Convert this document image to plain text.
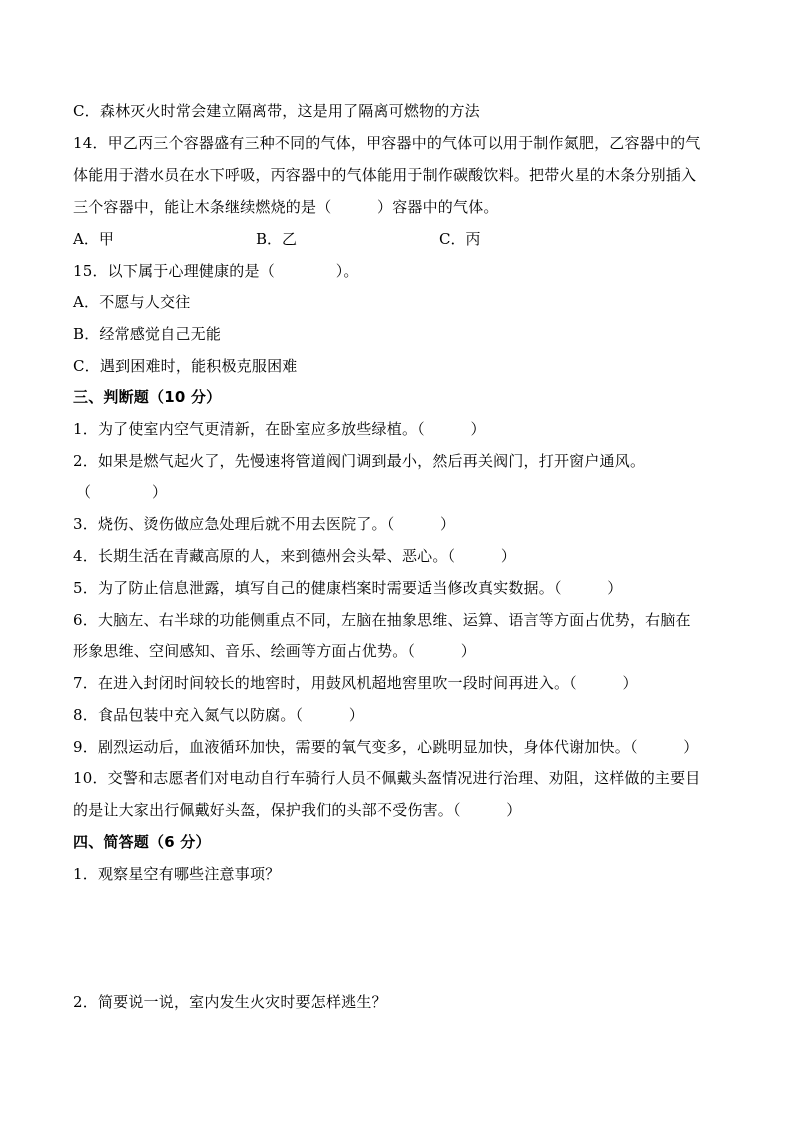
C．森林灭火时常会建立隔离带，这是用了隔离可燃物的方法
14．甲乙丙三个容器盛有三种不同的气体，甲容器中的气体可以用于制作氮肥，乙容器中的气
体能用于潜水员在水下呼吸，丙容器中的气体能用于制作碳酸饮料。把带火星的木条分别插入
三个容器中，能让木条继续燃烧的是（　　　）容器中的气体。
A．甲	B．乙	C．丙
15．以下属于心理健康的是（　　　　）。
A．不愿与人交往
B．经常感觉自己无能
C．遇到困难时，能积极克服困难
三、判断题（10 分）
1．为了使室内空气更清新，在卧室应多放些绿植。（　　　）
2．如果是燃气起火了，先慢速将管道阀门调到最小，然后再关阀门，打开窗户通风。
（　　　　）
3．烧伤、烫伤做应急处理后就不用去医院了。（　　　）
4．长期生活在青藏高原的人，来到德州会头晕、恶心。（　　　）
5．为了防止信息泄露，填写自己的健康档案时需要适当修改真实数据。（　　　）
6．大脑左、右半球的功能侧重点不同，左脑在抽象思维、运算、语言等方面占优势，右脑在
形象思维、空间感知、音乐、绘画等方面占优势。（　　　）
7．在进入封闭时间较长的地窖时，用鼓风机超地窖里吹一段时间再进入。（　　　）
8．食品包装中充入氮气以防腐。（　　　）
9．剧烈运动后，血液循环加快，需要的氧气变多，心跳明显加快，身体代谢加快。（　　　）
10．交警和志愿者们对电动自行车骑行人员不佩戴头盔情况进行治理、劝阻，这样做的主要目
的是让大家出行佩戴好头盔，保护我们的头部不受伤害。（　　　）
四、简答题（6 分）
1．观察星空有哪些注意事项？
2．简要说一说，室内发生火灾时要怎样逃生？
